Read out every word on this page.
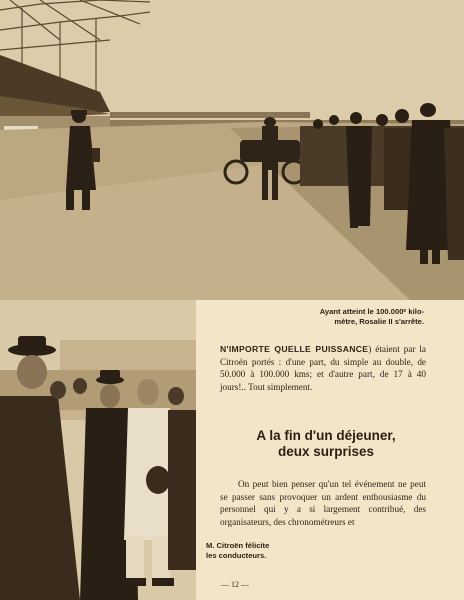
Ayant atteint le 100.000ᵉ kilo-
mètre, Rosalie II s'arrête.
N'IMPORTE QUELLE PUISSANCE) étaient par la Citroën portés : d'une part, du simple au double, de 50.000 à 100.000 kms; et d'autre part, de 17 à 40 jours!.. Tout simplement.
A la fin d'un déjeuner,
deux surprises
On peut bien penser qu'un tel événement ne peut se passer sans provoquer un ardent enthousiasme du personnel qui y a si largement contribué, des organisateurs, des chronométreurs et
M. Citroën félicite
les conducteurs.
— 12 —
